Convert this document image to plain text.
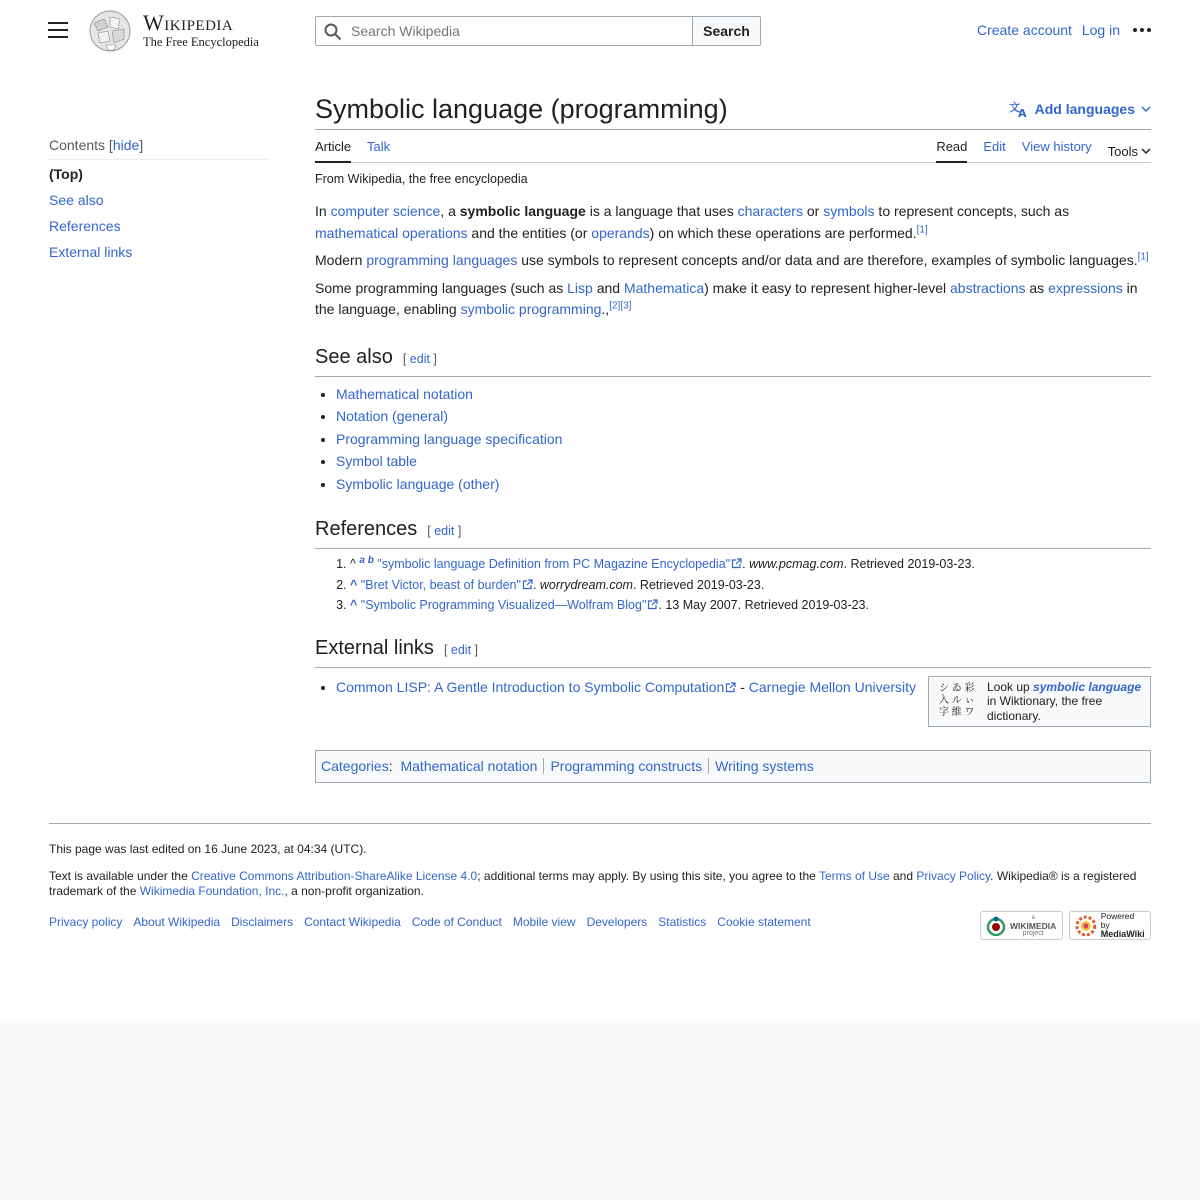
Wikipedia
The Free Encyclopedia
Search Wikipedia
Search	Create account Log in
Contents [hide]
(Top)
See also
References
External links
Symbolic language (programming)	文
A Add languages
Article Talk	Read Edit View history Tools
From Wikipedia, the free encyclopedia

In computer science, a symbolic language is a language that uses characters or symbols to represent concepts, such as mathematical operations and the entities (or operands) on which these operations are performed.[1]

Modern programming languages use symbols to represent concepts and/or data and are therefore, examples of symbolic languages.[1]

Some programming languages (such as Lisp and Mathematica) make it easy to represent higher-level abstractions as expressions in the language, enabling symbolic programming.,[2][3]

See also [ edit ]
• Mathematical notation
• Notation (general)
• Programming language specification
• Symbol table
• Symbolic language (other)
References [ edit ]
1. ^ $^{a b}$ "symbolic language Definition from PC Magazine Encyclopedia" . www.pcmag.com. Retrieved 2019-03-23.
2. ^ "Bret Victor, beast of burden" . worrydream.com. Retrieved 2019-03-23.
3. ^ "Symbolic Programming Visualized—Wolfram Blog" . 13 May 2007. Retrieved 2019-03-23.
External links [ edit ]
• Common LISP: A Gentle Introduction to Symbolic Computation - Carnegie Mellon University	シ ゐ 彩
入 ル ぃ
字 維 ワ
Look up symbolic language in Wiktionary, the free dictionary.
Categories: Mathematical notation Programming constructs Writing systems

This page was last edited on 16 June 2023, at 04:34 (UTC).

Text is available under the Creative Commons Attribution-ShareAlike License 4.0; additional terms may apply. By using this site, you agree to the Terms of Use and Privacy Policy. Wikipedia® is a registered trademark of the Wikimedia Foundation, Inc., a non-profit organization.

Privacy policy About Wikipedia Disclaimers Contact Wikipedia Code of Conduct Mobile view Developers Statistics Cookie statement	a
WIKIMEDIA
project
Powered by
MediaWiki
